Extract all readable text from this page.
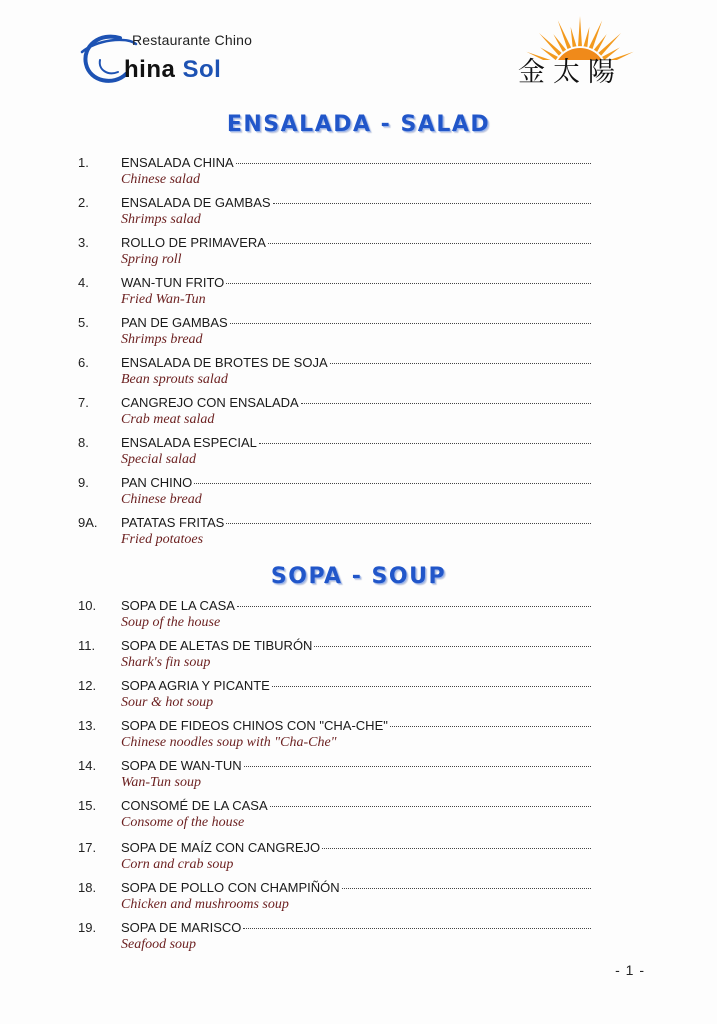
Restaurante Chino
hina Sol	金太陽
ENSALADA - SALAD
1. ENSALADA CHINA
Chinese salad
2. ENSALADA DE GAMBAS
Shrimps salad
3. ROLLO DE PRIMAVERA
Spring roll
4. WAN-TUN FRITO
Fried Wan-Tun
5. PAN DE GAMBAS
Shrimps bread
6. ENSALADA DE BROTES DE SOJA
Bean sprouts salad
7. CANGREJO CON ENSALADA
Crab meat salad
8. ENSALADA ESPECIAL
Special salad
9. PAN CHINO
Chinese bread
9A. PATATAS FRITAS
Fried potatoes
SOPA - SOUP
10. SOPA DE LA CASA
Soup of the house
11. SOPA DE ALETAS DE TIBURÓN
Shark's fin soup
12. SOPA AGRIA Y PICANTE
Sour & hot soup
13. SOPA DE FIDEOS CHINOS CON "CHA-CHE"
Chinese noodles soup with "Cha-Che"
14. SOPA DE WAN-TUN
Wan-Tun soup
15. CONSOMÉ DE LA CASA
Consome of the house
17. SOPA DE MAÍZ CON CANGREJO
Corn and crab soup
18. SOPA DE POLLO CON CHAMPIÑÓN
Chicken and mushrooms soup
19. SOPA DE MARISCO
Seafood soup
- 1 -
